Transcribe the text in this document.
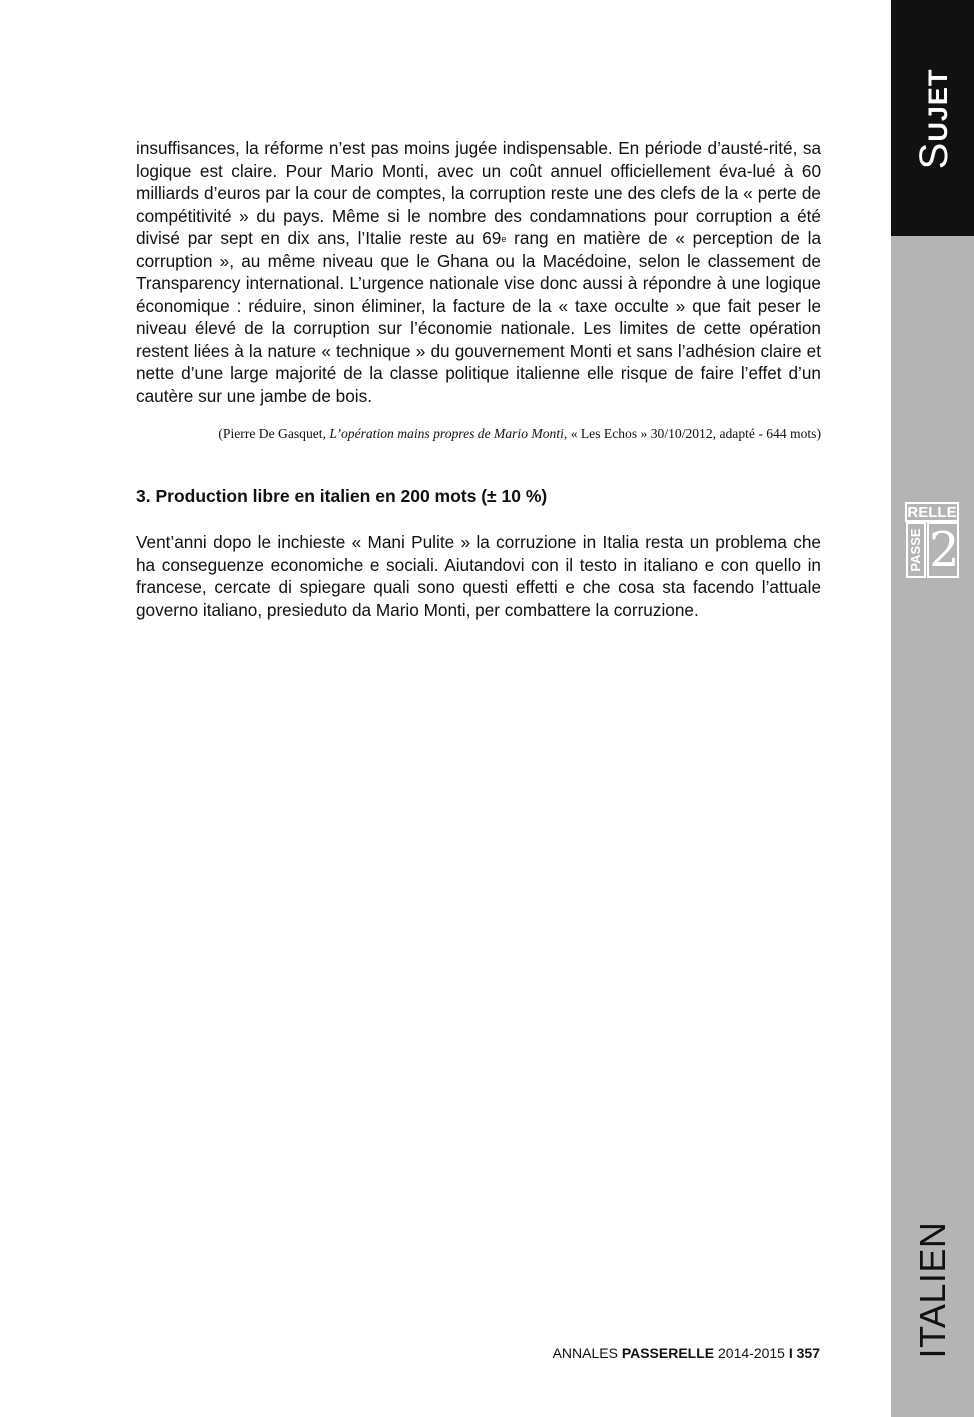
SUJET
RELLE
PASSE 2
ITALIEN

insuffisances, la réforme n’est pas moins jugée indispensable. En période d’austé-rité, sa logique est claire. Pour Mario Monti, avec un coût annuel officiellement éva-lué à 60 milliards d’euros par la cour de comptes, la corruption reste une des clefs de la « perte de compétitivité » du pays. Même si le nombre des condamnations pour corruption a été divisé par sept en dix ans, l’Italie reste au 69e rang en matière de « perception de la corruption », au même niveau que le Ghana ou la Macédoine, selon le classement de Transparency international. L’urgence nationale vise donc aussi à répondre à une logique économique : réduire, sinon éliminer, la facture de la « taxe occulte » que fait peser le niveau élevé de la corruption sur l’économie nationale. Les limites de cette opération restent liées à la nature « technique » du gouvernement Monti et sans l’adhésion claire et nette d’une large majorité de la classe politique italienne elle risque de faire l’effet d’un cautère sur une jambe de bois.

(Pierre De Gasquet, L’opération mains propres de Mario Monti, « Les Echos » 30/10/2012, adapté - 644 mots)

3. Production libre en italien en 200 mots (± 10 %)

Vent’anni dopo le inchieste « Mani Pulite » la corruzione in Italia resta un problema che ha conseguenze economiche e sociali. Aiutandovi con il testo in italiano e con quello in francese, cercate di spiegare quali sono questi effetti e che cosa sta facendo l’attuale governo italiano, presieduto da Mario Monti, per combattere la corruzione.

ANNALES PASSERELLE 2014-2015 I 357
